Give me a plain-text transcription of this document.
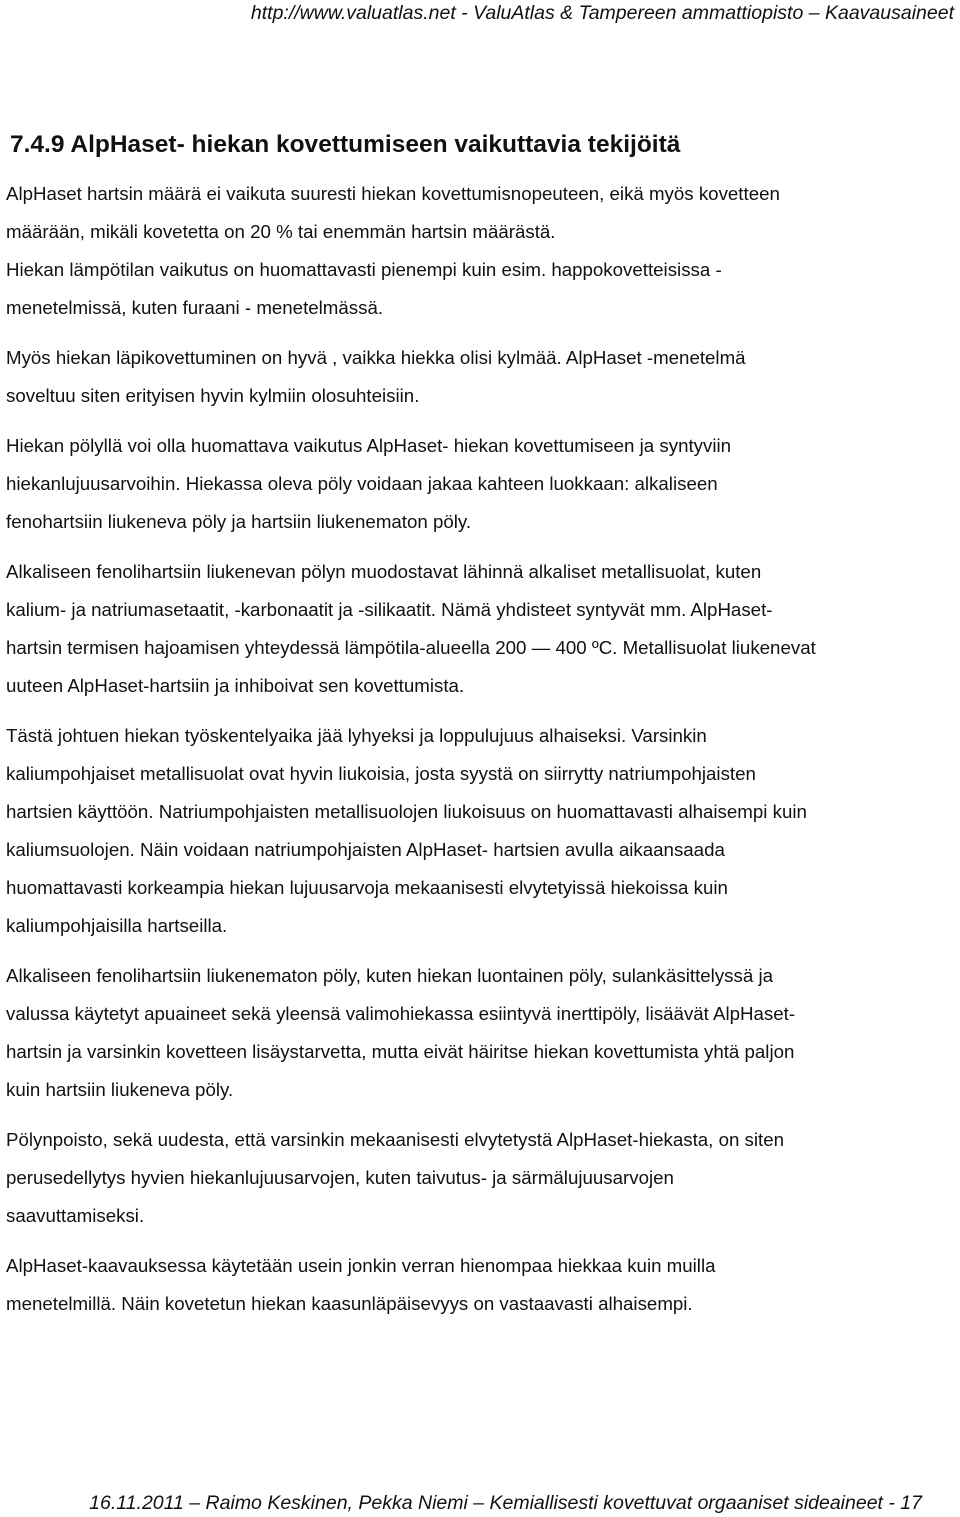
http://www.valuatlas.net - ValuAtlas & Tampereen ammattiopisto – Kaavausaineet
7.4.9 AlpHaset- hiekan kovettumiseen vaikuttavia tekijöitä
AlpHaset hartsin määrä ei vaikuta suuresti hiekan kovettumisnopeuteen, eikä myös kovetteen
määrään, mikäli kovetetta on 20 % tai enemmän hartsin määrästä.
Hiekan lämpötilan vaikutus on huomattavasti pienempi kuin esim. happokovetteisissa -
menetelmissä, kuten furaani - menetelmässä.
Myös hiekan läpikovettuminen on hyvä , vaikka hiekka olisi kylmää. AlpHaset -menetelmä
soveltuu siten erityisen hyvin kylmiin olosuhteisiin.
Hiekan pölyllä voi olla huomattava vaikutus AlpHaset- hiekan kovettumiseen ja syntyviin
hiekanlujuusarvoihin. Hiekassa oleva pöly voidaan jakaa kahteen luokkaan: alkaliseen
fenohartsiin liukeneva pöly ja hartsiin liukenematon pöly.
Alkaliseen fenolihartsiin liukenevan pölyn muodostavat lähinnä alkaliset metallisuolat, kuten
kalium- ja natriumasetaatit, -karbonaatit ja -silikaatit. Nämä yhdisteet syntyvät mm. AlpHaset-
hartsin termisen hajoamisen yhteydessä lämpötila-alueella 200 — 400 ºC. Metallisuolat liukenevat
uuteen AlpHaset-hartsiin ja inhiboivat sen kovettumista.
Tästä johtuen hiekan työskentelyaika jää lyhyeksi ja loppulujuus alhaiseksi. Varsinkin
kaliumpohjaiset metallisuolat ovat hyvin liukoisia, josta syystä on siirrytty natriumpohjaisten
hartsien käyttöön. Natriumpohjaisten metallisuolojen liukoisuus on huomattavasti alhaisempi kuin
kaliumsuolojen. Näin voidaan natriumpohjaisten AlpHaset- hartsien avulla aikaansaada
huomattavasti korkeampia hiekan lujuusarvoja mekaanisesti elvytetyissä hiekoissa kuin
kaliumpohjaisilla hartseilla.
Alkaliseen fenolihartsiin liukenematon pöly, kuten hiekan luontainen pöly, sulankäsittelyssä ja
valussa käytetyt apuaineet sekä yleensä valimohiekassa esiintyvä inerttipöly, lisäävät AlpHaset-
hartsin ja varsinkin kovetteen lisäystarvetta, mutta eivät häiritse hiekan kovettumista yhtä paljon
kuin hartsiin liukeneva pöly.
Pölynpoisto, sekä uudesta, että varsinkin mekaanisesti elvytetystä AlpHaset-hiekasta, on siten
perusedellytys hyvien hiekanlujuusarvojen, kuten taivutus- ja särmälujuusarvojen
saavuttamiseksi.
AlpHaset-kaavauksessa käytetään usein jonkin verran hienompaa hiekkaa kuin muilla
menetelmillä. Näin kovetetun hiekan kaasunläpäisevyys on vastaavasti alhaisempi.
16.11.2011 – Raimo Keskinen, Pekka Niemi – Kemiallisesti kovettuvat orgaaniset sideaineet - 17
